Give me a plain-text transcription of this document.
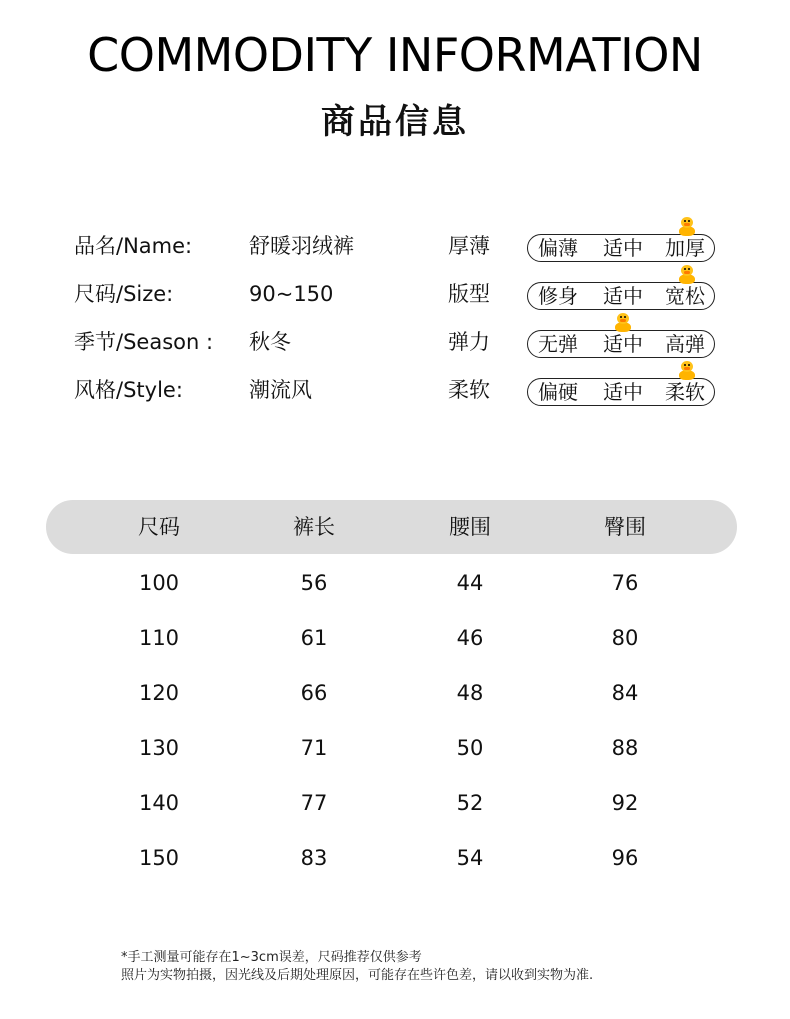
COMMODITY INFORMATION
商品信息
品名/Name:	舒暖羽绒裤	厚薄 偏薄 适中 加厚
尺码/Size:	90~150	版型 修身 适中 宽松
季节/Season : 秋冬	弹力 无弹 适中 高弹
风格/Style:	潮流风	柔软 偏硬 适中 柔软
尺码	裤长	腰围	臀围
100	56	44	76
110	61	46	80
120	66	48	84
130	71	50	88
140	77	52	92
150	83	54	96
*手工测量可能存在1~3cm误差，尺码推荐仅供参考
照片为实物拍摄，因光线及后期处理原因，可能存在些许色差，请以收到实物为准.
